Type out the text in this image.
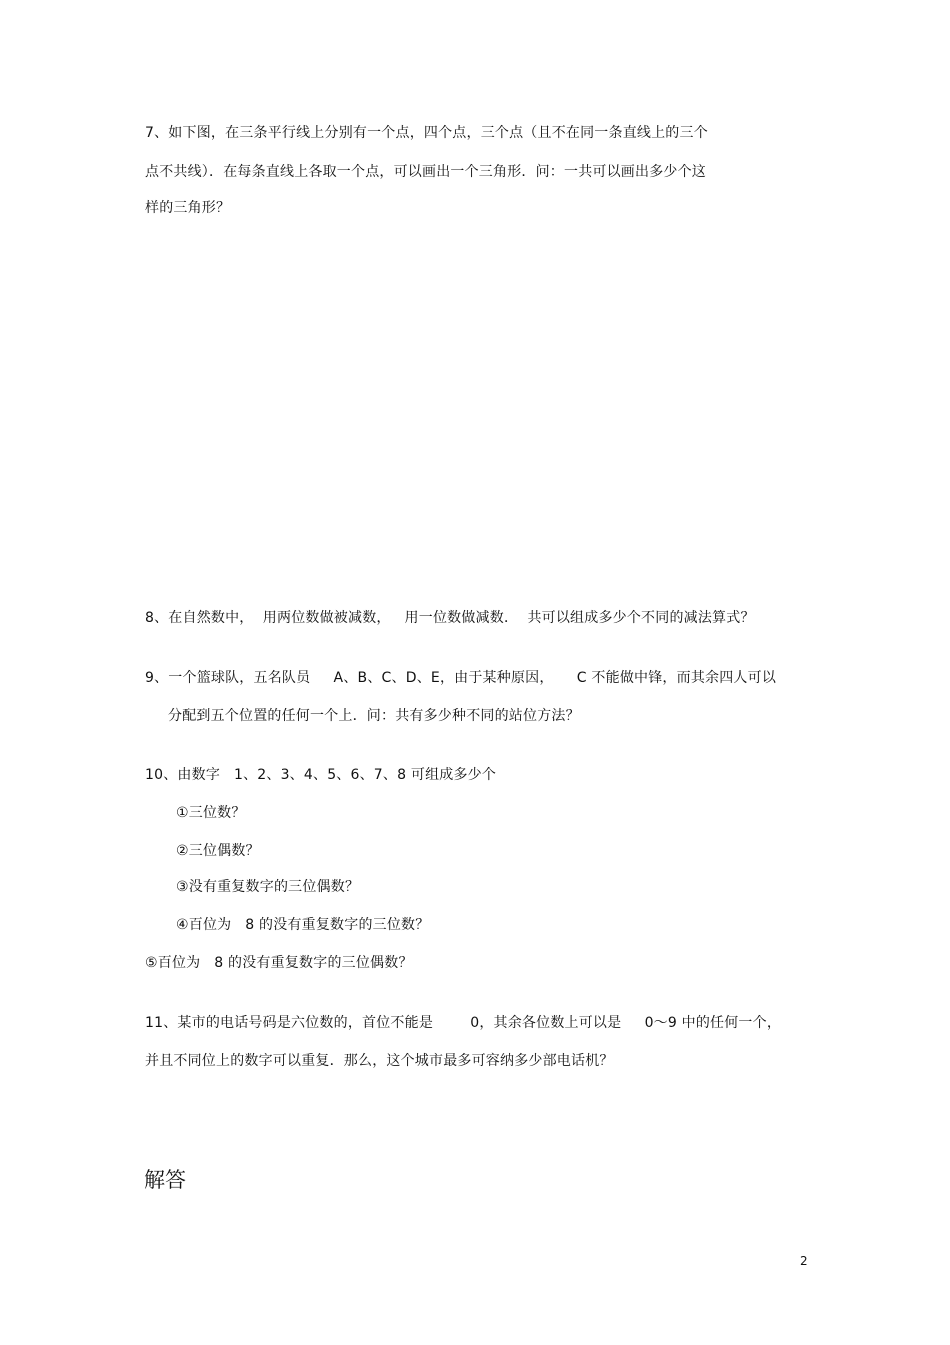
7、如下图，在三条平行线上分别有一个点，四个点，三个点（且不在同一条直线上的三个
点不共线）．在每条直线上各取一个点，可以画出一个三角形．问：一共可以画出多少个这
样的三角形？
8、在自然数中，  用两位数做被减数，   用一位数做减数．  共可以组成多少个不同的减法算式？
9、一个篮球队，五名队员     A、B、C、D、E，由于某种原因，     C 不能做中锋，而其余四人可以
分配到五个位置的任何一个上．问：共有多少种不同的站位方法？
10、由数字   1、2、3、4、5、6、7、8 可组成多少个
①三位数？
②三位偶数？
③没有重复数字的三位偶数？
④百位为   8 的没有重复数字的三位数？
⑤百位为   8 的没有重复数字的三位偶数？
11、某市的电话号码是六位数的，首位不能是        0，其余各位数上可以是     0～9 中的任何一个，
并且不同位上的数字可以重复．那么，这个城市最多可容纳多少部电话机？
解答
2
